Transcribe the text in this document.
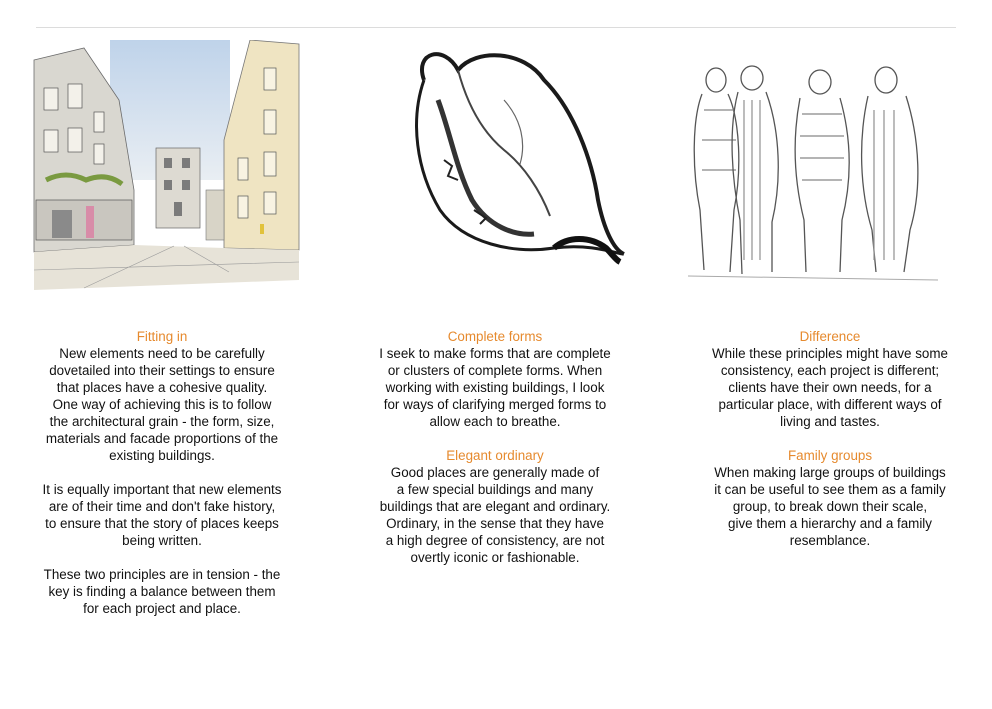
Fitting in
New elements need to be carefully
dovetailed into their settings to ensure
that places have a cohesive quality.
One way of achieving this is to follow
the architectural grain - the form, size,
materials and facade proportions of the
existing buildings.
It is equally important that new elements
are of their time and don't fake history,
to ensure that the story of places keeps
being written.
These two principles are in tension - the
key is finding a balance between them
for each project and place.
Complete forms
I seek to make forms that are complete
or clusters of complete forms. When
working with existing buildings, I look
for ways of clarifying merged forms to
allow each to breathe.
Elegant ordinary
Good places are generally made of
a few special buildings and many
buildings that are elegant and ordinary.
Ordinary, in the sense that they have
a high degree of consistency, are not
overtly iconic or fashionable.
Difference
While these principles might have some
consistency, each project is different;
clients have their own needs, for a
particular place, with different ways of
living and tastes.
Family groups
When making large groups of buildings
it can be useful to see them as a family
group, to break down their scale,
give them a hierarchy and a family
resemblance.
